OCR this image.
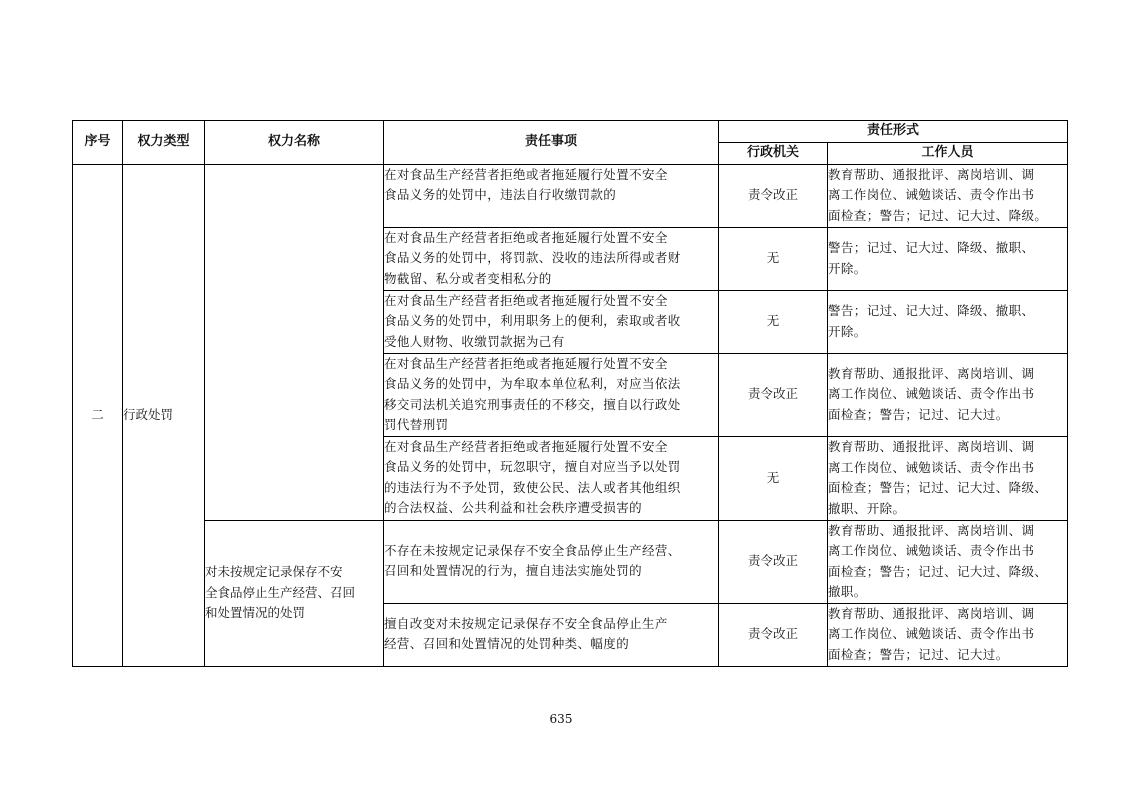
序号	权力类型	权力名称	责任事项	责任形式	
				行政机关	工作人员
二	行政处罚		在对食品生产经营者拒绝或者拖延履行处置不安全
食品义务的处罚中，违法自行收缴罚款的	责令改正	教育帮助、通报批评、离岗培训、调
离工作岗位、诫勉谈话、责令作出书
面检查；警告；记过、记大过、降级。

			在对食品生产经营者拒绝或者拖延履行处置不安全
食品义务的处罚中，将罚款、没收的违法所得或者财
物截留、私分或者变相私分的	无	警告；记过、记大过、降级、撤职、
开除。

			在对食品生产经营者拒绝或者拖延履行处置不安全
食品义务的处罚中，利用职务上的便利，索取或者收
受他人财物、收缴罚款据为己有	无	警告；记过、记大过、降级、撤职、
开除。

			在对食品生产经营者拒绝或者拖延履行处置不安全
食品义务的处罚中，为牟取本单位私利，对应当依法
移交司法机关追究刑事责任的不移交，擅自以行政处
罚代替刑罚	责令改正	教育帮助、通报批评、离岗培训、调
离工作岗位、诫勉谈话、责令作出书
面检查；警告；记过、记大过。

			在对食品生产经营者拒绝或者拖延履行处置不安全
食品义务的处罚中，玩忽职守，擅自对应当予以处罚
的违法行为不予处罚，致使公民、法人或者其他组织
的合法权益、公共利益和社会秩序遭受损害的	无	教育帮助、通报批评、离岗培训、调
离工作岗位、诫勉谈话、责令作出书
面检查；警告；记过、记大过、降级、
撤职、开除。

		对未按规定记录保存不安
全食品停止生产经营、召回
和处置情况的处罚	不存在未按规定记录保存不安全食品停止生产经营、
召回和处置情况的行为，擅自违法实施处罚的	责令改正	教育帮助、通报批评、离岗培训、调
离工作岗位、诫勉谈话、责令作出书
面检查；警告；记过、记大过、降级、
撤职。

			擅自改变对未按规定记录保存不安全食品停止生产
经营、召回和处置情况的处罚种类、幅度的	责令改正	教育帮助、通报批评、离岗培训、调
离工作岗位、诫勉谈话、责令作出书
面检查；警告；记过、记大过。
635
